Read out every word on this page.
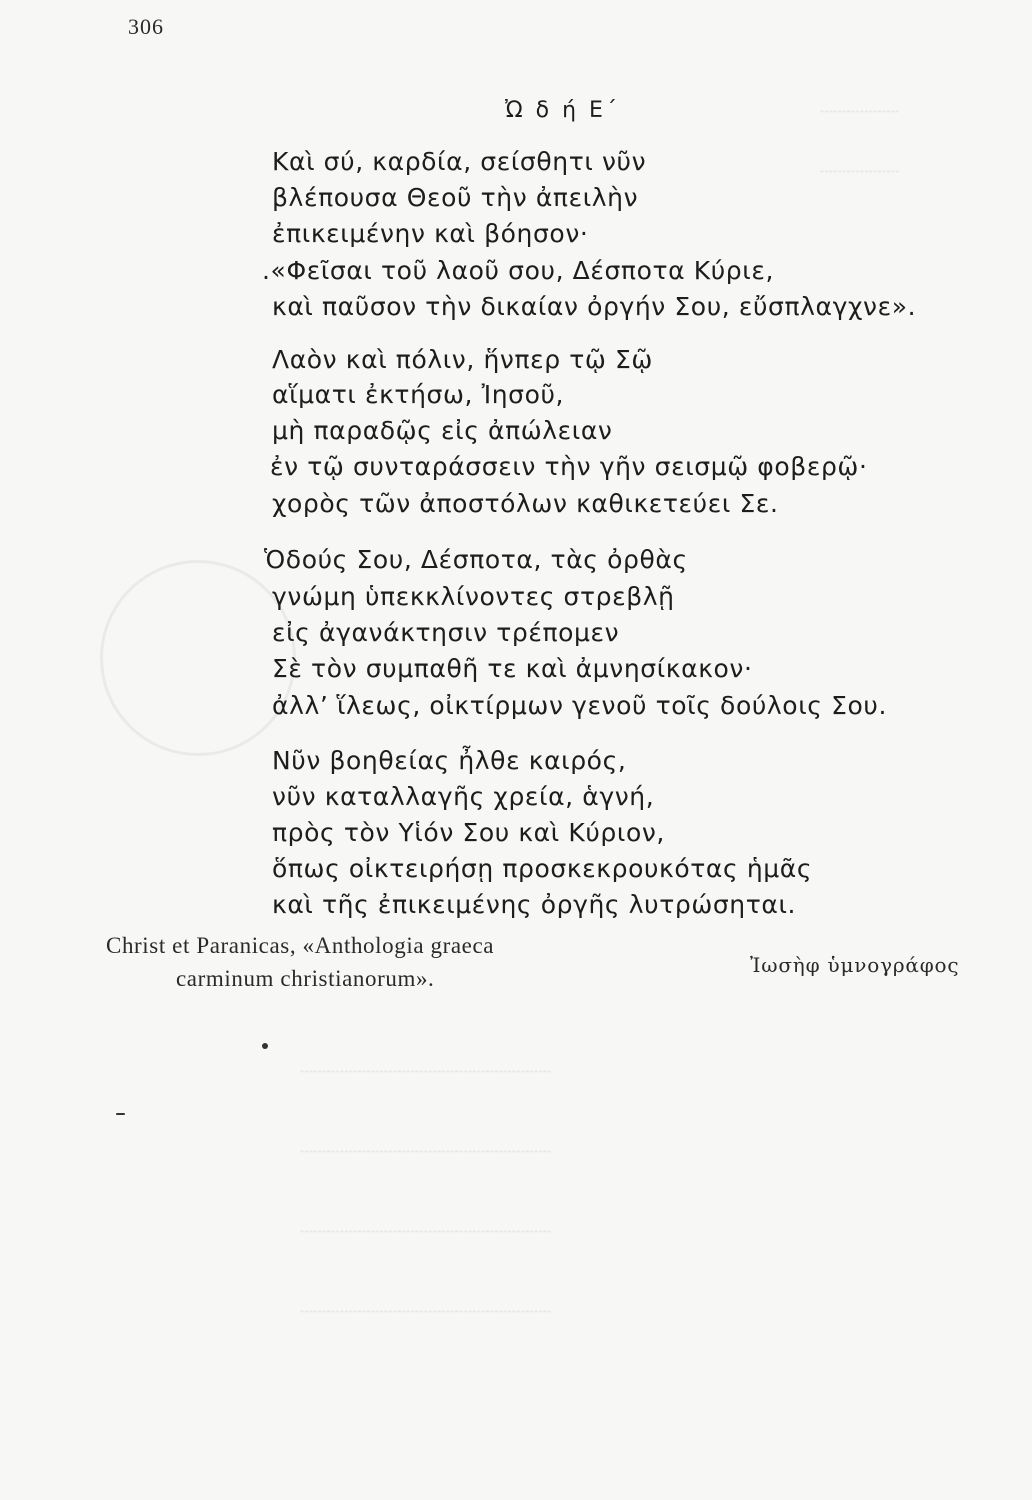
┄┄┄┄┄┄
┄┄┄┄┄┄
┄┄┄┄┄┄┄┄┄┄┄┄┄┄┄┄┄┄┄
┄┄┄┄┄┄┄┄┄┄┄┄┄┄┄┄┄┄┄
┄┄┄┄┄┄┄┄┄┄┄┄┄┄┄┄┄┄┄
┄┄┄┄┄┄┄┄┄┄┄┄┄┄┄┄┄┄┄
306
Ὠ δ ή Ε΄
Καὶ σύ, καρδία, σείσθητι νῦν
βλέπουσα Θεοῦ τὴν ἀπειλὴν
ἐπικειμένην καὶ βόησον·
.«Φεῖσαι τοῦ λαοῦ σου, Δέσποτα Κύριε,
καὶ παῦσον τὴν δικαίαν ὀργήν Σου, εὔσπλαγχνε».
Λαὸν καὶ πόλιν, ἥνπερ τῷ Σῷ
αἵματι ἐκτήσω, Ἰησοῦ,
μὴ παραδῷς εἰς ἀπώλειαν
ἐν τῷ συνταράσσειν τὴν γῆν σεισμῷ φοβερῷ·
χορὸς τῶν ἀποστόλων καθικετεύει Σε.
Ὁδούς Σου, Δέσποτα, τὰς ὀρθὰς
γνώμη ὑπεκκλίνοντες στρεβλῇ
εἰς ἀγανάκτησιν τρέπομεν
Σὲ τὸν συμπαθῆ τε καὶ ἀμνησίκακον·
ἀλλ’ ἵλεως, οἰκτίρμων γενοῦ τοῖς δούλοις Σου.
Νῦν βοηθείας ἦλθε καιρός,
νῦν καταλλαγῆς χρεία, ἁγνή,
πρὸς τὸν Υἱόν Σου καὶ Κύριον,
ὅπως οἰκτειρήσῃ προσκεκρουκότας ἡμᾶς
καὶ τῆς ἐπικειμένης ὀργῆς λυτρώσηται.
Christ et Paranicas, «Anthologia graeca
carminum christianorum».
Ἰωσὴφ ὑμνογράφος
